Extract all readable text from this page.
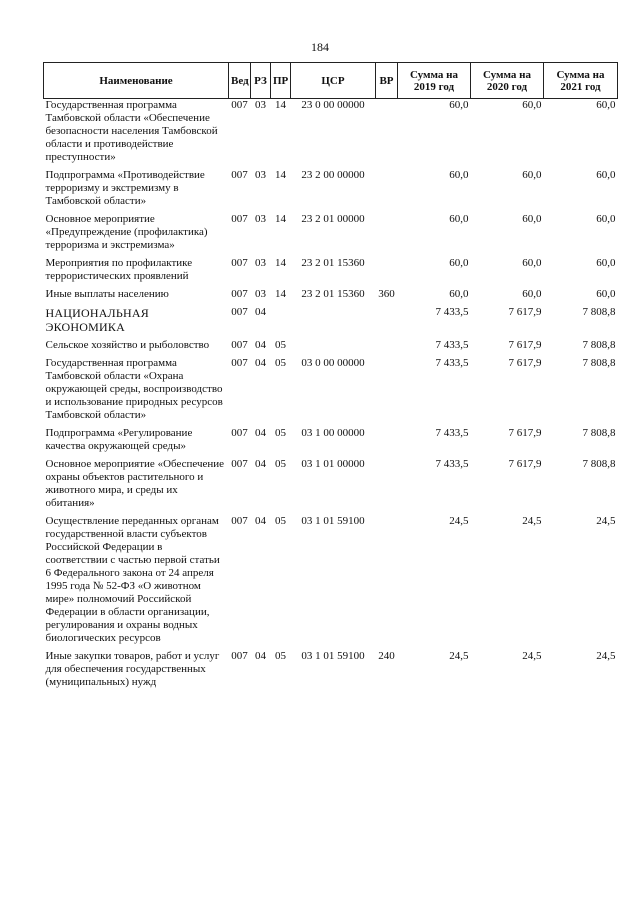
184
Наименование	Вед	РЗ	ПР	ЦСР	ВР	Сумма на 2019 год	Сумма на 2020 год	Сумма на 2021 год
Государственная программа Тамбовской области «Обеспечение безопасности населения Тамбовской области и противодействие преступности»	007	03	14	23 0 00 00000		60,0	60,0	60,0
Подпрограмма «Противодействие терроризму и экстремизму в Тамбовской области»	007	03	14	23 2 00 00000		60,0	60,0	60,0
Основное мероприятие «Предупреждение (профилактика) терроризма и экстремизма»	007	03	14	23 2 01 00000		60,0	60,0	60,0
Мероприятия по профилактике террористических проявлений	007	03	14	23 2 01 15360		60,0	60,0	60,0
Иные выплаты населению	007	03	14	23 2 01 15360	360	60,0	60,0	60,0
НАЦИОНАЛЬНАЯ ЭКОНОМИКА	007	04				7 433,5	7 617,9	7 808,8
Сельское хозяйство и рыболовство	007	04	05			7 433,5	7 617,9	7 808,8
Государственная программа Тамбовской области «Охрана окружающей среды, воспроизводство и использование природных ресурсов Тамбовской области»	007	04	05	03 0 00 00000		7 433,5	7 617,9	7 808,8
Подпрограмма «Регулирование качества окружающей среды»	007	04	05	03 1 00 00000		7 433,5	7 617,9	7 808,8
Основное мероприятие «Обеспечение охраны объектов растительного и животного мира, и среды их обитания»	007	04	05	03 1 01 00000		7 433,5	7 617,9	7 808,8
Осуществление переданных органам государственной власти субъектов Российской Федерации в соответствии с частью первой статьи 6 Федерального закона от 24 апреля 1995 года № 52-ФЗ «О животном мире» полномочий Российской Федерации в области организации, регулирования и охраны водных биологических ресурсов	007	04	05	03 1 01 59100		24,5	24,5	24,5
Иные закупки товаров, работ и услуг для обеспечения государственных (муниципальных) нужд	007	04	05	03 1 01 59100	240	24,5	24,5	24,5
